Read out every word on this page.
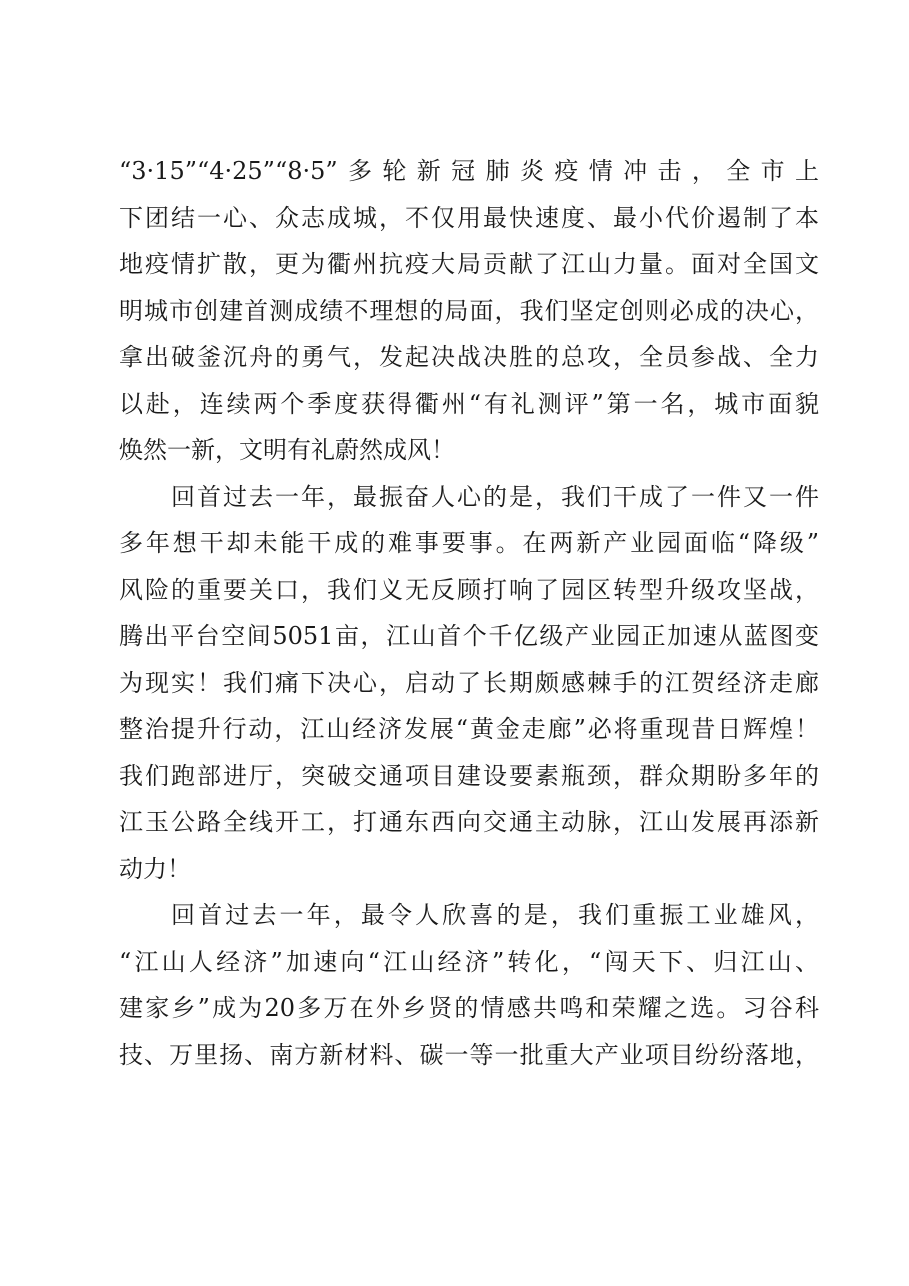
“3·15”“4·25”“8·5”多轮新冠肺炎疫情冲击，全市上
下团结一心、众志成城，不仅用最快速度、最小代价遏制了本
地疫情扩散，更为衢州抗疫大局贡献了江山力量。面对全国文
明城市创建首测成绩不理想的局面，我们坚定创则必成的决心，
拿出破釜沉舟的勇气，发起决战决胜的总攻，全员参战、全力
以赴，连续两个季度获得衢州“有礼测评”第一名，城市面貌
焕然一新，文明有礼蔚然成风！
回首过去一年，最振奋人心的是，我们干成了一件又一件
多年想干却未能干成的难事要事。在两新产业园面临“降级”
风险的重要关口，我们义无反顾打响了园区转型升级攻坚战，
腾出平台空间5051亩，江山首个千亿级产业园正加速从蓝图变
为现实！我们痛下决心，启动了长期颇感棘手的江贺经济走廊
整治提升行动，江山经济发展“黄金走廊”必将重现昔日辉煌！
我们跑部进厅，突破交通项目建设要素瓶颈，群众期盼多年的
江玉公路全线开工，打通东西向交通主动脉，江山发展再添新
动力！
回首过去一年，最令人欣喜的是，我们重振工业雄风，
“江山人经济”加速向“江山经济”转化，“闯天下、归江山、
建家乡”成为20多万在外乡贤的情感共鸣和荣耀之选。习谷科
技、万里扬、南方新材料、碳一等一批重大产业项目纷纷落地，
